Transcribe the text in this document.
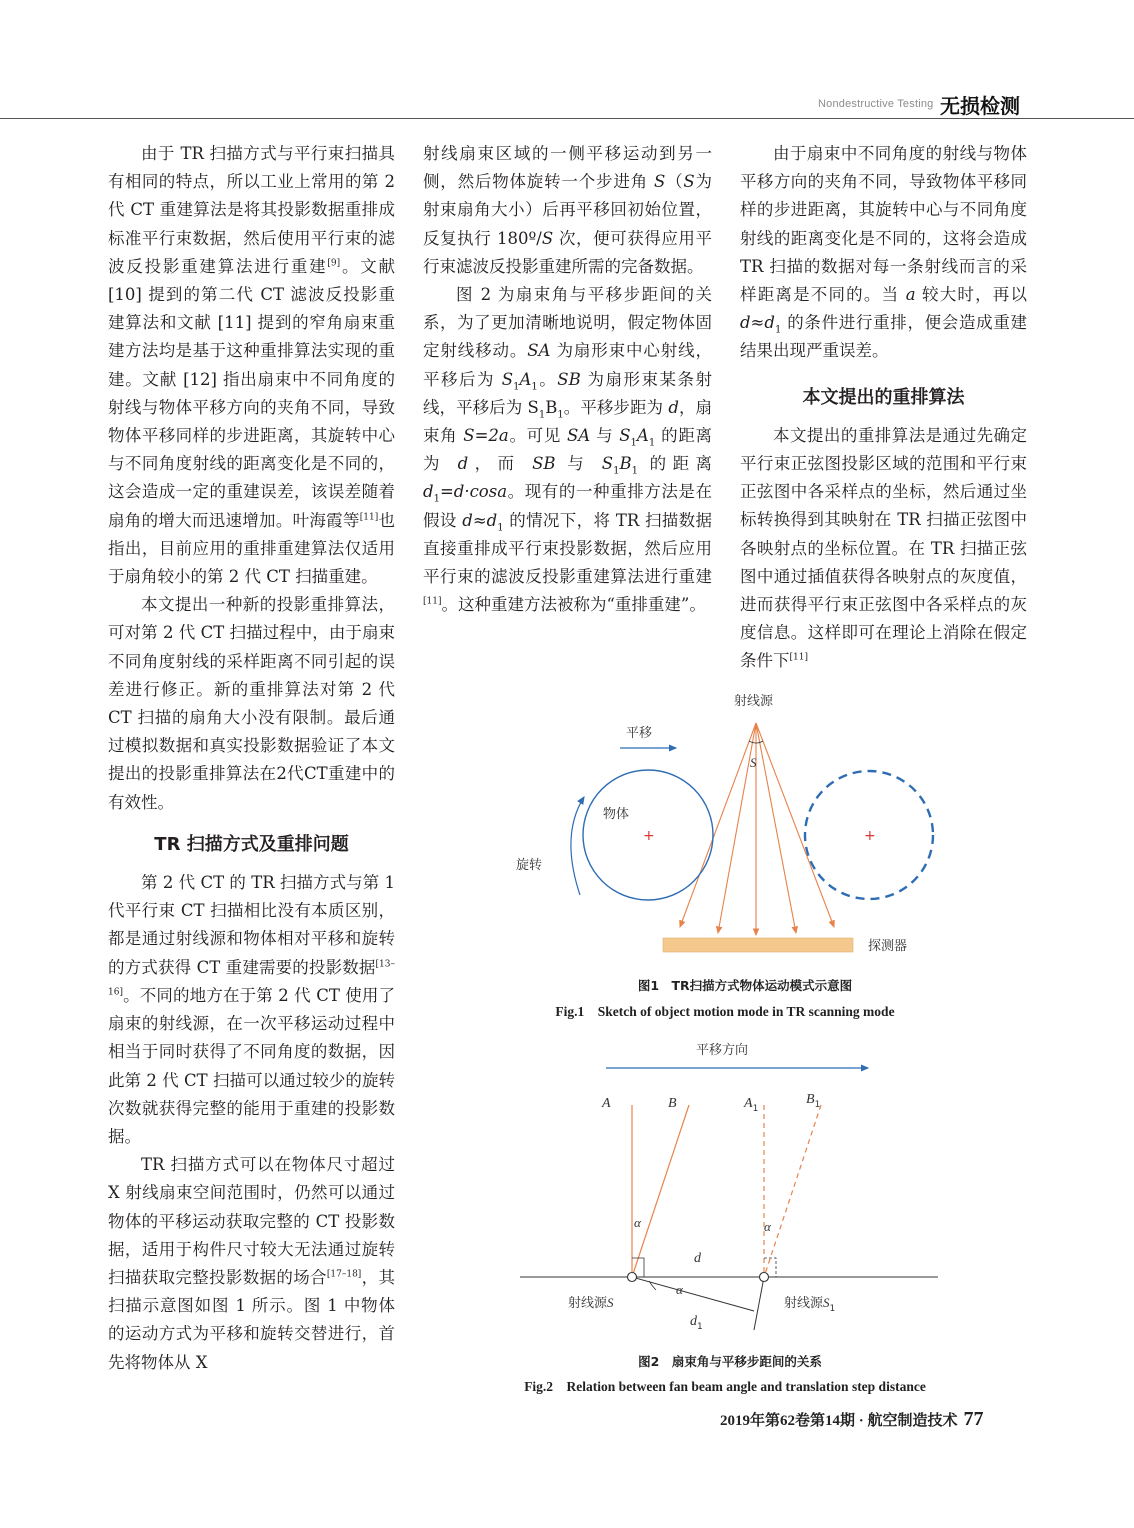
Nondestructive Testing 无损检测

由于 TR 扫描方式与平行束扫描具有相同的特点，所以工业上常用的第 2 代 CT 重建算法是将其投影数据重排成标准平行束数据，然后使用平行束的滤波反投影重建算法进行重建[9]。文献 [10] 提到的第二代 CT 滤波反投影重建算法和文献 [11] 提到的窄角扇束重建方法均是基于这种重排算法实现的重建。文献 [12] 指出扇束中不同角度的射线与物体平移方向的夹角不同，导致物体平移同样的步进距离，其旋转中心与不同角度射线的距离变化是不同的，这会造成一定的重建误差，该误差随着扇角的增大而迅速增加。叶海霞等[11]也指出，目前应用的重排重建算法仅适用于扇角较小的第 2 代 CT 扫描重建。

本文提出一种新的投影重排算法，可对第 2 代 CT 扫描过程中，由于扇束不同角度射线的采样距离不同引起的误差进行修正。新的重排算法对第 2 代 CT 扫描的扇角大小没有限制。最后通过模拟数据和真实投影数据验证了本文提出的投影重排算法在2代CT重建中的有效性。

TR 扫描方式及重排问题

第 2 代 CT 的 TR 扫描方式与第 1 代平行束 CT 扫描相比没有本质区别，都是通过射线源和物体相对平移和旋转的方式获得 CT 重建需要的投影数据[13–16]。不同的地方在于第 2 代 CT 使用了扇束的射线源，在一次平移运动过程中相当于同时获得了不同角度的数据，因此第 2 代 CT 扫描可以通过较少的旋转次数就获得完整的能用于重建的投影数据。

TR 扫描方式可以在物体尺寸超过 X 射线扇束空间范围时，仍然可以通过物体的平移运动获取完整的 CT 投影数据，适用于构件尺寸较大无法通过旋转扫描获取完整投影数据的场合[17–18]，其扫描示意图如图 1 所示。图 1 中物体的运动方式为平移和旋转交替进行，首先将物体从 X

射线扇束区域的一侧平移运动到另一侧，然后物体旋转一个步进角 S（S为射束扇角大小）后再平移回初始位置，反复执行 180º/S 次，便可获得应用平行束滤波反投影重建所需的完备数据。

图 2 为扇束角与平移步距间的关系，为了更加清晰地说明，假定物体固定射线移动。SA 为扇形束中心射线，平移后为 $S_1A_1$。SB 为扇形束某条射线，平移后为 $S_1B_1$。平移步距为 d，扇束角 S=2a。可见 SA 与 $S_1A_1$ 的距离为 d，而 SB 与 $S_1B_1$ 的距离 $d_1=d\cdot\cos a$。现有的一种重排方法是在假设 $d\approx d_1$ 的情况下，将 TR 扫描数据直接重排成平行束投影数据，然后应用平行束的滤波反投影重建算法进行重建[11]。这种重建方法被称为“重排重建”。

由于扇束中不同角度的射线与物体平移方向的夹角不同，导致物体平移同样的步进距离，其旋转中心与不同角度射线的距离变化是不同的，这将会造成 TR 扫描的数据对每一条射线而言的采样距离是不同的。当 a 较大时，再以 $d\approx d_1$ 的条件进行重排，便会造成重建结果出现严重误差。

本文提出的重排算法

本文提出的重排算法是通过先确定平行束正弦图投影区域的范围和平行束正弦图中各采样点的坐标，然后通过坐标转换得到其映射在 TR 扫描正弦图中各映射点的坐标位置。在 TR 扫描正弦图中通过插值获得各映射点的灰度值，进而获得平行束正弦图中各采样点的灰度信息。这样即可在理论上消除在假定条件下[11]

射线源
平移
S
+
物体
+
旋转
探测器
图1　TR扫描方式物体运动模式示意图
Fig.1　Sketch of object motion mode in TR scanning mode
平移方向
A	B	$A_1$
$B_1$
α	α
α
d
$d_1$
射线源S	射线源$S_1$
图2　扇束角与平移步距间的关系
Fig.2　Relation between fan beam angle and translation step distance
2019年第62卷第14期 · 航空制造技术 77
